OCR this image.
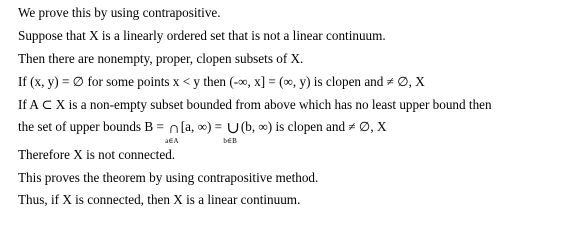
We prove this by using contrapositive.
Suppose that X is a linearly ordered set that is not a linear continuum.
Then there are nonempty, proper, clopen subsets of X.
If (x, y) = ∅ for some points x < y then (-∞, x] = (∞, y) is clopen and ≠ ∅, X
If A ⊂ X is a non-empty subset bounded from above which has no least upper bound then
the set of upper bounds B = ∩
a∈A
[a, ∞) = ∪
b∈B
(b, ∞) is clopen and ≠ ∅, X
Therefore X is not connected.
This proves the theorem by using contrapositive method.
Thus, if X is connected, then X is a linear continuum.
